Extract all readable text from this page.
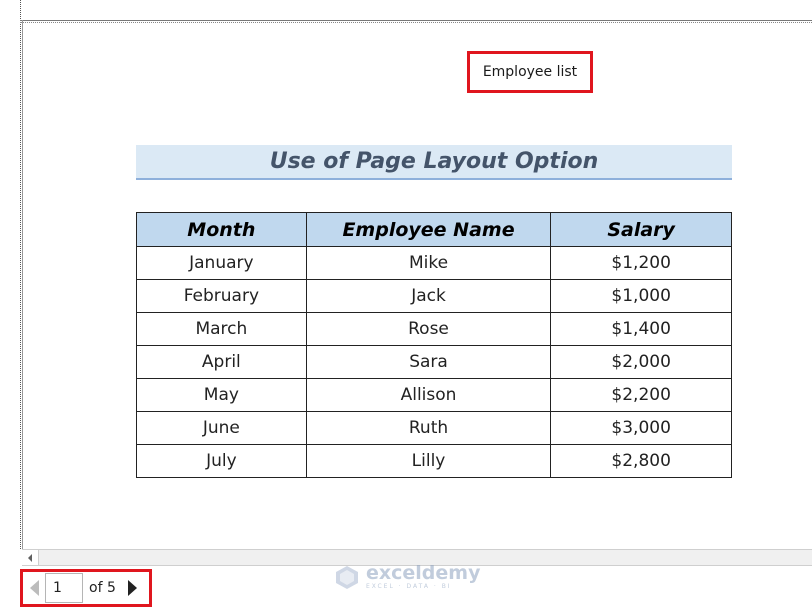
Employee list
Use of Page Layout Option
Month	Employee Name	Salary
January	Mike	$1,200
February	Jack	$1,000
March	Rose	$1,400
April	Sara	$2,000
May	Allison	$2,200
June	Ruth	$3,000
July	Lilly	$2,800
1
of 5
exceldemy
EXCEL · DATA · BI
